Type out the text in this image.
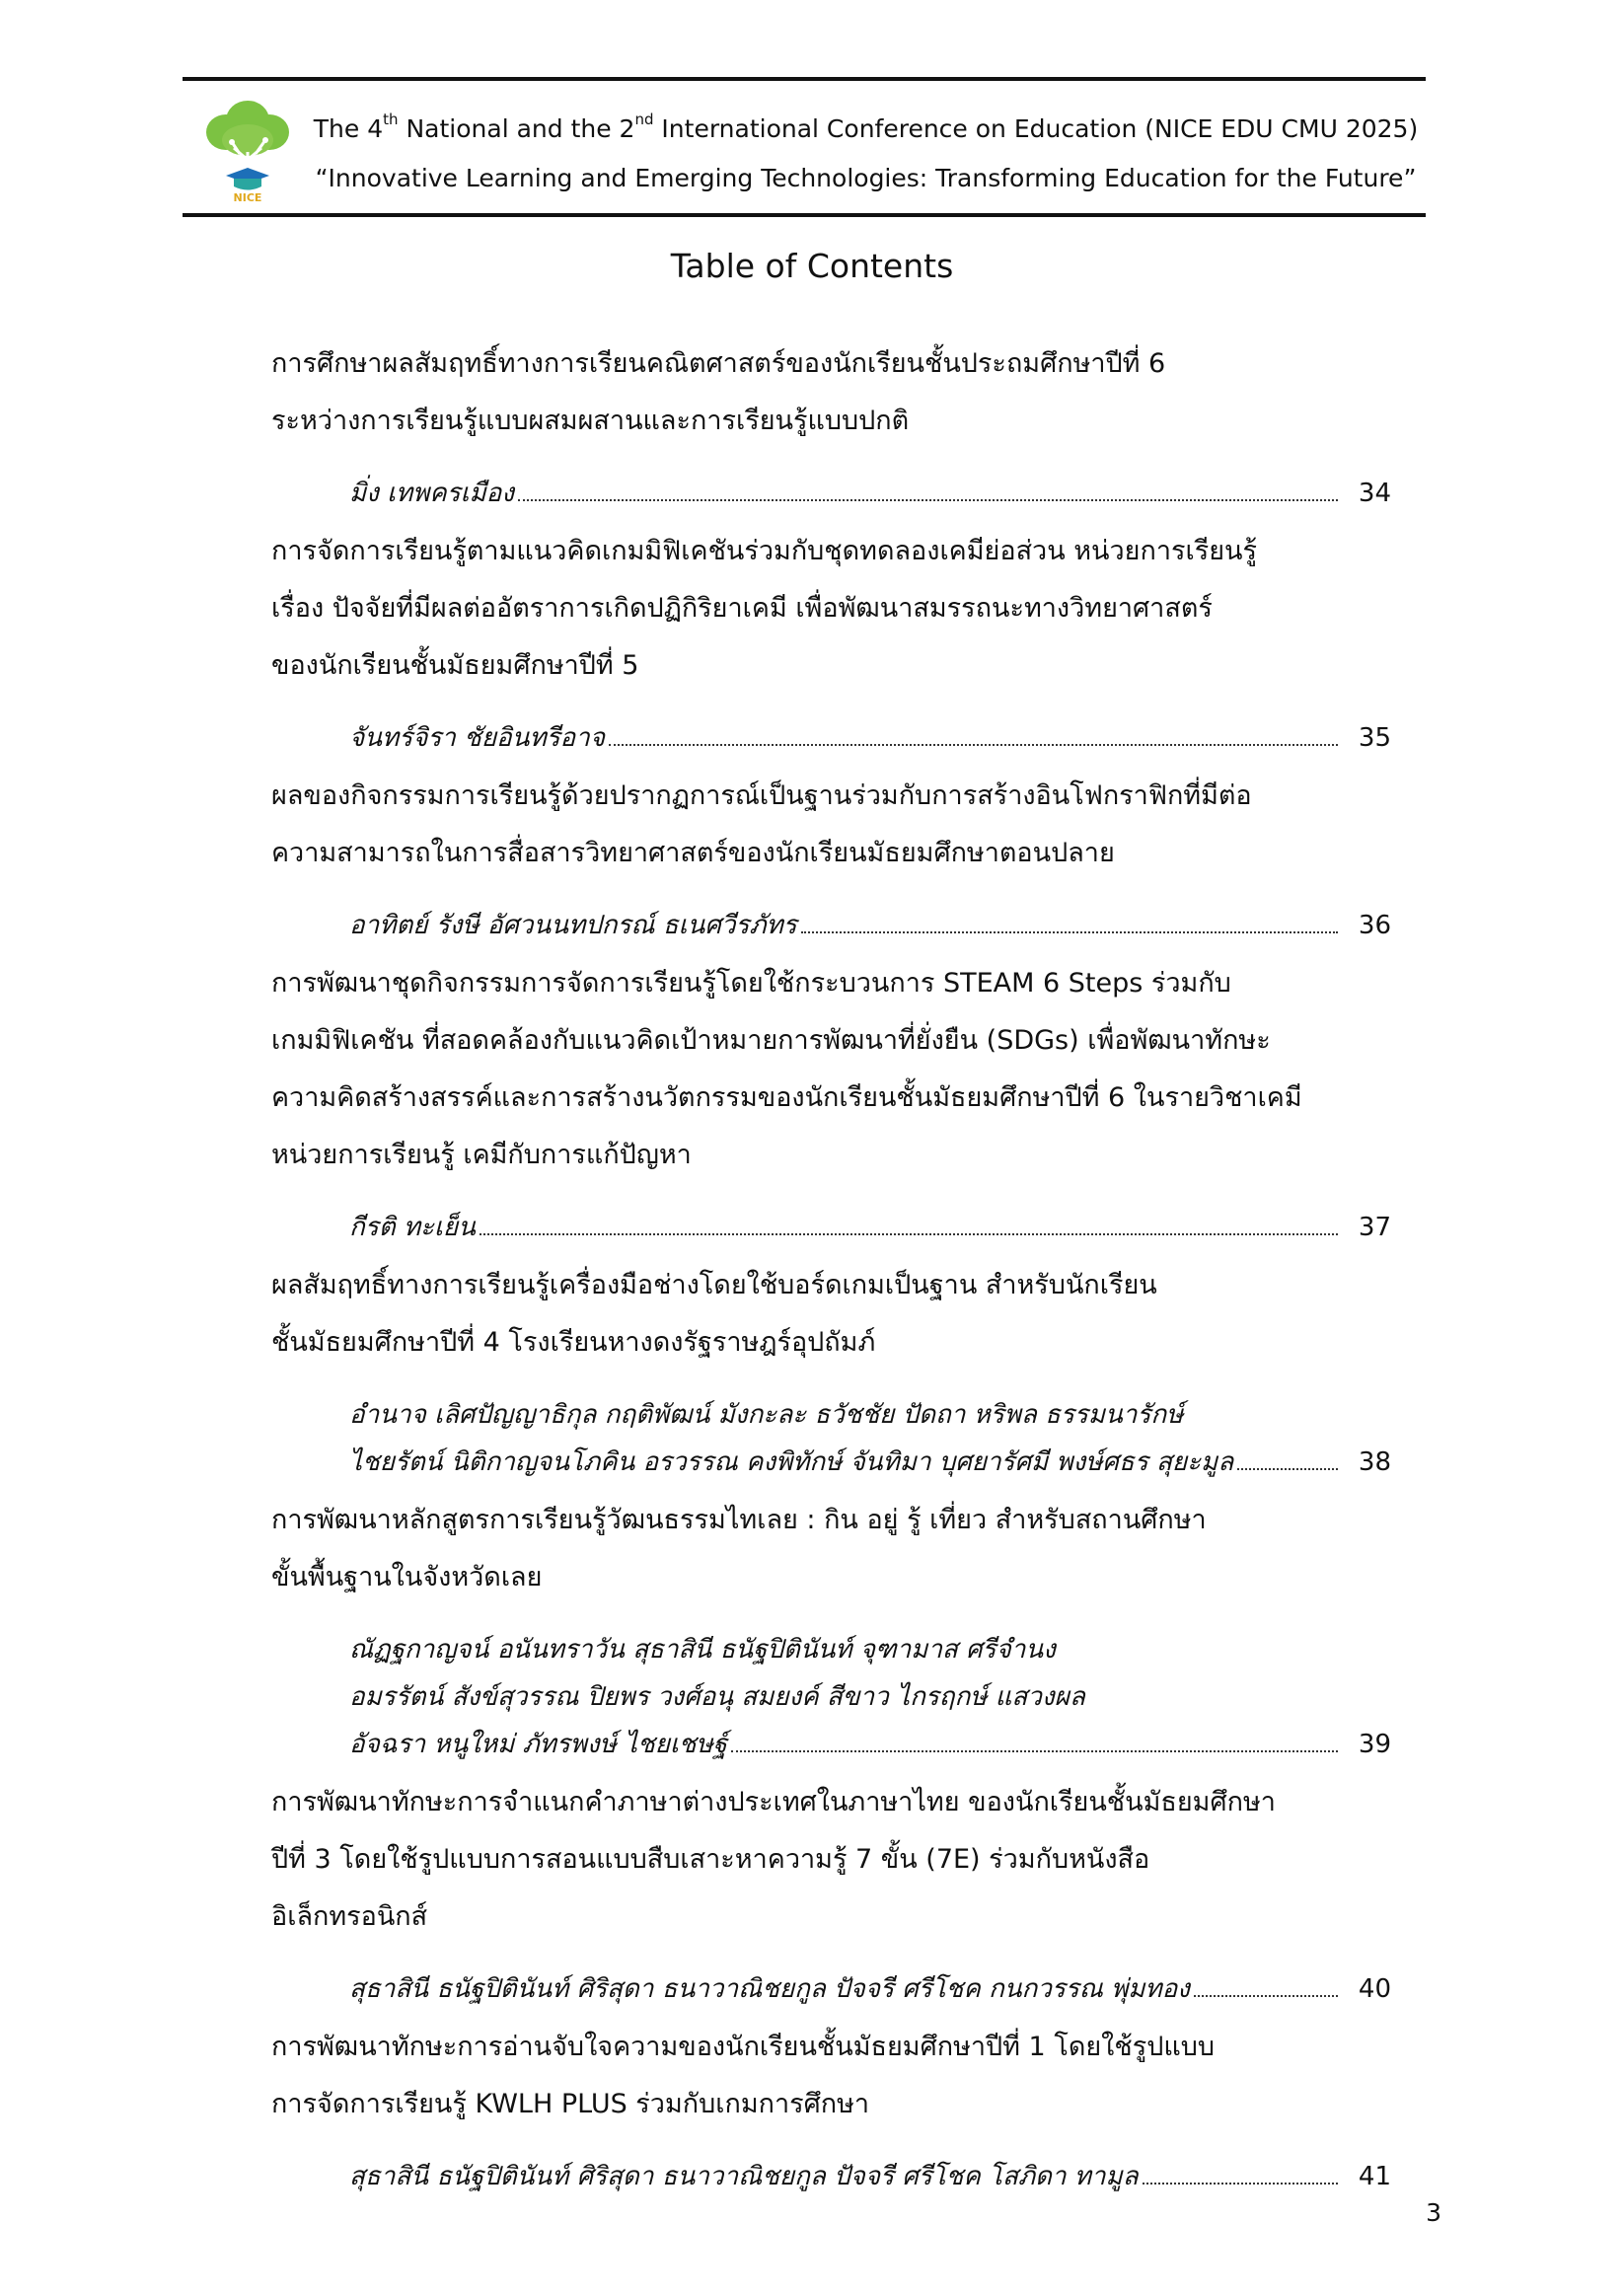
NICE
The 4th National and the 2nd International Conference on Education (NICE EDU CMU 2025)
“Innovative Learning and Emerging Technologies: Transforming Education for the Future”
Table of Contents
การศึกษาผลสัมฤทธิ์ทางการเรียนคณิตศาสตร์ของนักเรียนชั้นประถมศึกษาปีที่ 6
ระหว่างการเรียนรู้แบบผสมผสานและการเรียนรู้แบบปกติ
มิ่ง เทพครเมือง	34
การจัดการเรียนรู้ตามแนวคิดเกมมิฟิเคชันร่วมกับชุดทดลองเคมีย่อส่วน หน่วยการเรียนรู้
เรื่อง ปัจจัยที่มีผลต่ออัตราการเกิดปฏิกิริยาเคมี เพื่อพัฒนาสมรรถนะทางวิทยาศาสตร์
ของนักเรียนชั้นมัธยมศึกษาปีที่ 5
จันทร์จิรา ชัยอินทรีอาจ	35
ผลของกิจกรรมการเรียนรู้ด้วยปรากฏการณ์เป็นฐานร่วมกับการสร้างอินโฟกราฟิกที่มีต่อ
ความสามารถในการสื่อสารวิทยาศาสตร์ของนักเรียนมัธยมศึกษาตอนปลาย
อาทิตย์ รังษี อัศวนนทปกรณ์ ธเนศวีรภัทร	36
การพัฒนาชุดกิจกรรมการจัดการเรียนรู้โดยใช้กระบวนการ STEAM 6 Steps ร่วมกับ
เกมมิฟิเคชัน ที่สอดคล้องกับแนวคิดเป้าหมายการพัฒนาที่ยั่งยืน (SDGs) เพื่อพัฒนาทักษะ
ความคิดสร้างสรรค์และการสร้างนวัตกรรมของนักเรียนชั้นมัธยมศึกษาปีที่ 6 ในรายวิชาเคมี
หน่วยการเรียนรู้ เคมีกับการแก้ปัญหา
กีรติ ทะเย็น	37
ผลสัมฤทธิ์ทางการเรียนรู้เครื่องมือช่างโดยใช้บอร์ดเกมเป็นฐาน สำหรับนักเรียน
ชั้นมัธยมศึกษาปีที่ 4 โรงเรียนหางดงรัฐราษฎร์อุปถัมภ์
อำนาจ เลิศปัญญาธิกุล กฤติพัฒน์ มังกะละ ธวัชชัย ปัดถา หริพล ธรรมนารักษ์
ไชยรัตน์ นิติกาญจนโภคิน อรวรรณ คงพิทักษ์ จันทิมา บุศยารัศมี พงษ์ศธร สุยะมูล	38
การพัฒนาหลักสูตรการเรียนรู้วัฒนธรรมไทเลย : กิน อยู่ รู้ เที่ยว สำหรับสถานศึกษา
ขั้นพื้นฐานในจังหวัดเลย
ณัฏฐกาญจน์ อนันทราวัน สุธาสินี ธนัฐปิตินันท์ จุฑามาส ศรีจำนง
อมรรัตน์ สังข์สุวรรณ ปิยพร วงศ์อนุ สมยงค์ สีขาว ไกรฤกษ์ แสวงผล
อัจฉรา หนูใหม่ ภัทรพงษ์ ไชยเชษฐ์	39
การพัฒนาทักษะการจำแนกคำภาษาต่างประเทศในภาษาไทย ของนักเรียนชั้นมัธยมศึกษา
ปีที่ 3 โดยใช้รูปแบบการสอนแบบสืบเสาะหาความรู้ 7 ขั้น (7E) ร่วมกับหนังสือ
อิเล็กทรอนิกส์
สุธาสินี ธนัฐปิตินันท์ ศิริสุดา ธนาวาณิชยกูล ปัจจรี ศรีโชค กนกวรรณ พุ่มทอง	40
การพัฒนาทักษะการอ่านจับใจความของนักเรียนชั้นมัธยมศึกษาปีที่ 1 โดยใช้รูปแบบ
การจัดการเรียนรู้ KWLH PLUS ร่วมกับเกมการศึกษา
สุธาสินี ธนัฐปิตินันท์ ศิริสุดา ธนาวาณิชยกูล ปัจจรี ศรีโชค โสภิดา ทามูล	41
3
